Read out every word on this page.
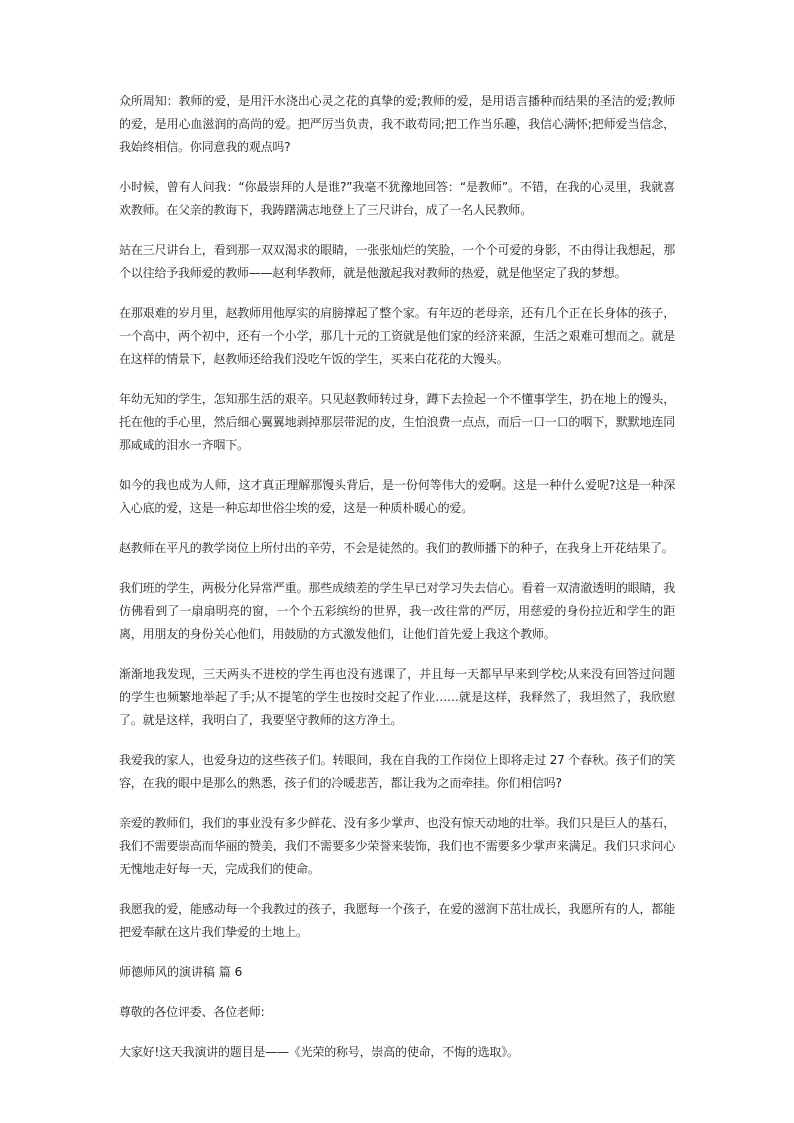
众所周知：教师的爱，是用汗水浇出心灵之花的真挚的爱;教师的爱，是用语言播种而结果的圣洁的爱;教师的爱，是用心血滋润的高尚的爱。把严厉当负责，我不敢苟同;把工作当乐趣，我信心满怀;把师爱当信念，我始终相信。你同意我的观点吗?

小时候，曾有人问我：“你最崇拜的人是谁?”我毫不犹豫地回答：“是教师”。不错，在我的心灵里，我就喜欢教师。在父亲的教诲下，我踌躇满志地登上了三尺讲台，成了一名人民教师。

站在三尺讲台上，看到那一双双渴求的眼睛，一张张灿烂的笑脸，一个个可爱的身影，不由得让我想起，那个以往给予我师爱的教师——赵利华教师，就是他激起我对教师的热爱，就是他坚定了我的梦想。

在那艰难的岁月里，赵教师用他厚实的肩膀撑起了整个家。有年迈的老母亲，还有几个正在长身体的孩子，一个高中，两个初中，还有一个小学，那几十元的工资就是他们家的经济来源，生活之艰难可想而之。就是在这样的情景下，赵教师还给我们没吃午饭的学生，买来白花花的大馒头。

年幼无知的学生，怎知那生活的艰辛。只见赵教师转过身，蹲下去捡起一个不懂事学生，扔在地上的馒头，托在他的手心里，然后细心翼翼地剥掉那层带泥的皮，生怕浪费一点点，而后一口一口的咽下，默默地连同那咸咸的泪水一齐咽下。

如今的我也成为人师，这才真正理解那馒头背后，是一份何等伟大的爱啊。这是一种什么爱呢?这是一种深入心底的爱，这是一种忘却世俗尘埃的爱，这是一种质朴暖心的爱。

赵教师在平凡的教学岗位上所付出的辛劳，不会是徒然的。我们的教师播下的种子，在我身上开花结果了。

我们班的学生，两极分化异常严重。那些成绩差的学生早已对学习失去信心。看着一双清澈透明的眼睛，我仿佛看到了一扇扇明亮的窗，一个个五彩缤纷的世界，我一改往常的严厉，用慈爱的身份拉近和学生的距离，用朋友的身份关心他们，用鼓励的方式激发他们，让他们首先爱上我这个教师。

渐渐地我发现，三天两头不进校的学生再也没有逃课了，并且每一天都早早来到学校;从来没有回答过问题的学生也频繁地举起了手;从不提笔的学生也按时交起了作业……就是这样，我释然了，我坦然了，我欣慰了。就是这样，我明白了，我要坚守教师的这方净土。

我爱我的家人，也爱身边的这些孩子们。转眼间，我在自我的工作岗位上即将走过 27 个春秋。孩子们的笑容，在我的眼中是那么的熟悉，孩子们的冷暖悲苦，都让我为之而牵挂。你们相信吗?

亲爱的教师们，我们的事业没有多少鲜花、没有多少掌声、也没有惊天动地的壮举。我们只是巨人的基石，我们不需要崇高而华丽的赞美，我们不需要多少荣誉来装饰，我们也不需要多少掌声来满足。我们只求问心无愧地走好每一天，完成我们的使命。

我愿我的爱，能感动每一个我教过的孩子，我愿每一个孩子，在爱的滋润下茁壮成长，我愿所有的人，都能把爱奉献在这片我们挚爱的土地上。

师德师风的演讲稿 篇 6

尊敬的各位评委、各位老师:

大家好!这天我演讲的题目是——《光荣的称号，崇高的使命，不悔的选取》。
